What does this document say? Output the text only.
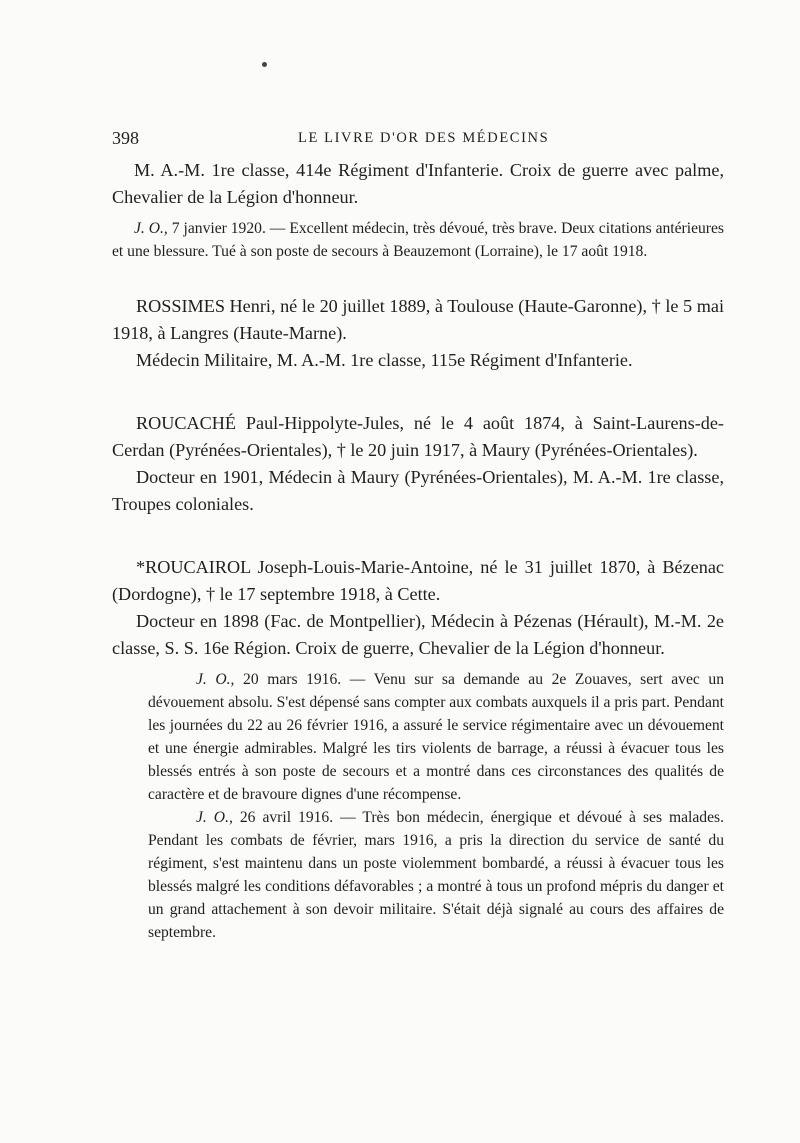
398	LE LIVRE D'OR DES MÉDECINS

M. A.-M. 1re classe, 414e Régiment d'Infanterie. Croix de guerre avec palme, Chevalier de la Légion d'honneur.

J. O., 7 janvier 1920. — Excellent médecin, très dévoué, très brave. Deux citations antérieures et une blessure. Tué à son poste de secours à Beauzemont (Lorraine), le 17 août 1918.

ROSSIMES Henri, né le 20 juillet 1889, à Toulouse (Haute-Garonne), † le 5 mai 1918, à Langres (Haute-Marne).

Médecin Militaire, M. A.-M. 1re classe, 115e Régiment d'Infanterie.

ROUCACHÉ Paul-Hippolyte-Jules, né le 4 août 1874, à Saint-Laurens-de-Cerdan (Pyrénées-Orientales), † le 20 juin 1917, à Maury (Pyrénées-Orientales).

Docteur en 1901, Médecin à Maury (Pyrénées-Orientales), M. A.-M. 1re classe, Troupes coloniales.

*ROUCAIROL Joseph-Louis-Marie-Antoine, né le 31 juillet 1870, à Bézenac (Dordogne), † le 17 septembre 1918, à Cette.

Docteur en 1898 (Fac. de Montpellier), Médecin à Pézenas (Hérault), M.-M. 2e classe, S. S. 16e Région. Croix de guerre, Chevalier de la Légion d'honneur.

J. O., 20 mars 1916. — Venu sur sa demande au 2e Zouaves, sert avec un dévouement absolu. S'est dépensé sans compter aux combats auxquels il a pris part. Pendant les journées du 22 au 26 février 1916, a assuré le service régimentaire avec un dévouement et une énergie admirables. Malgré les tirs violents de barrage, a réussi à évacuer tous les blessés entrés à son poste de secours et a montré dans ces circonstances des qualités de caractère et de bravoure dignes d'une récompense.

J. O., 26 avril 1916. — Très bon médecin, énergique et dévoué à ses malades. Pendant les combats de février, mars 1916, a pris la direction du service de santé du régiment, s'est maintenu dans un poste violemment bombardé, a réussi à évacuer tous les blessés malgré les conditions défavorables ; a montré à tous un profond mépris du danger et un grand attachement à son devoir militaire. S'était déjà signalé au cours des affaires de septembre.
